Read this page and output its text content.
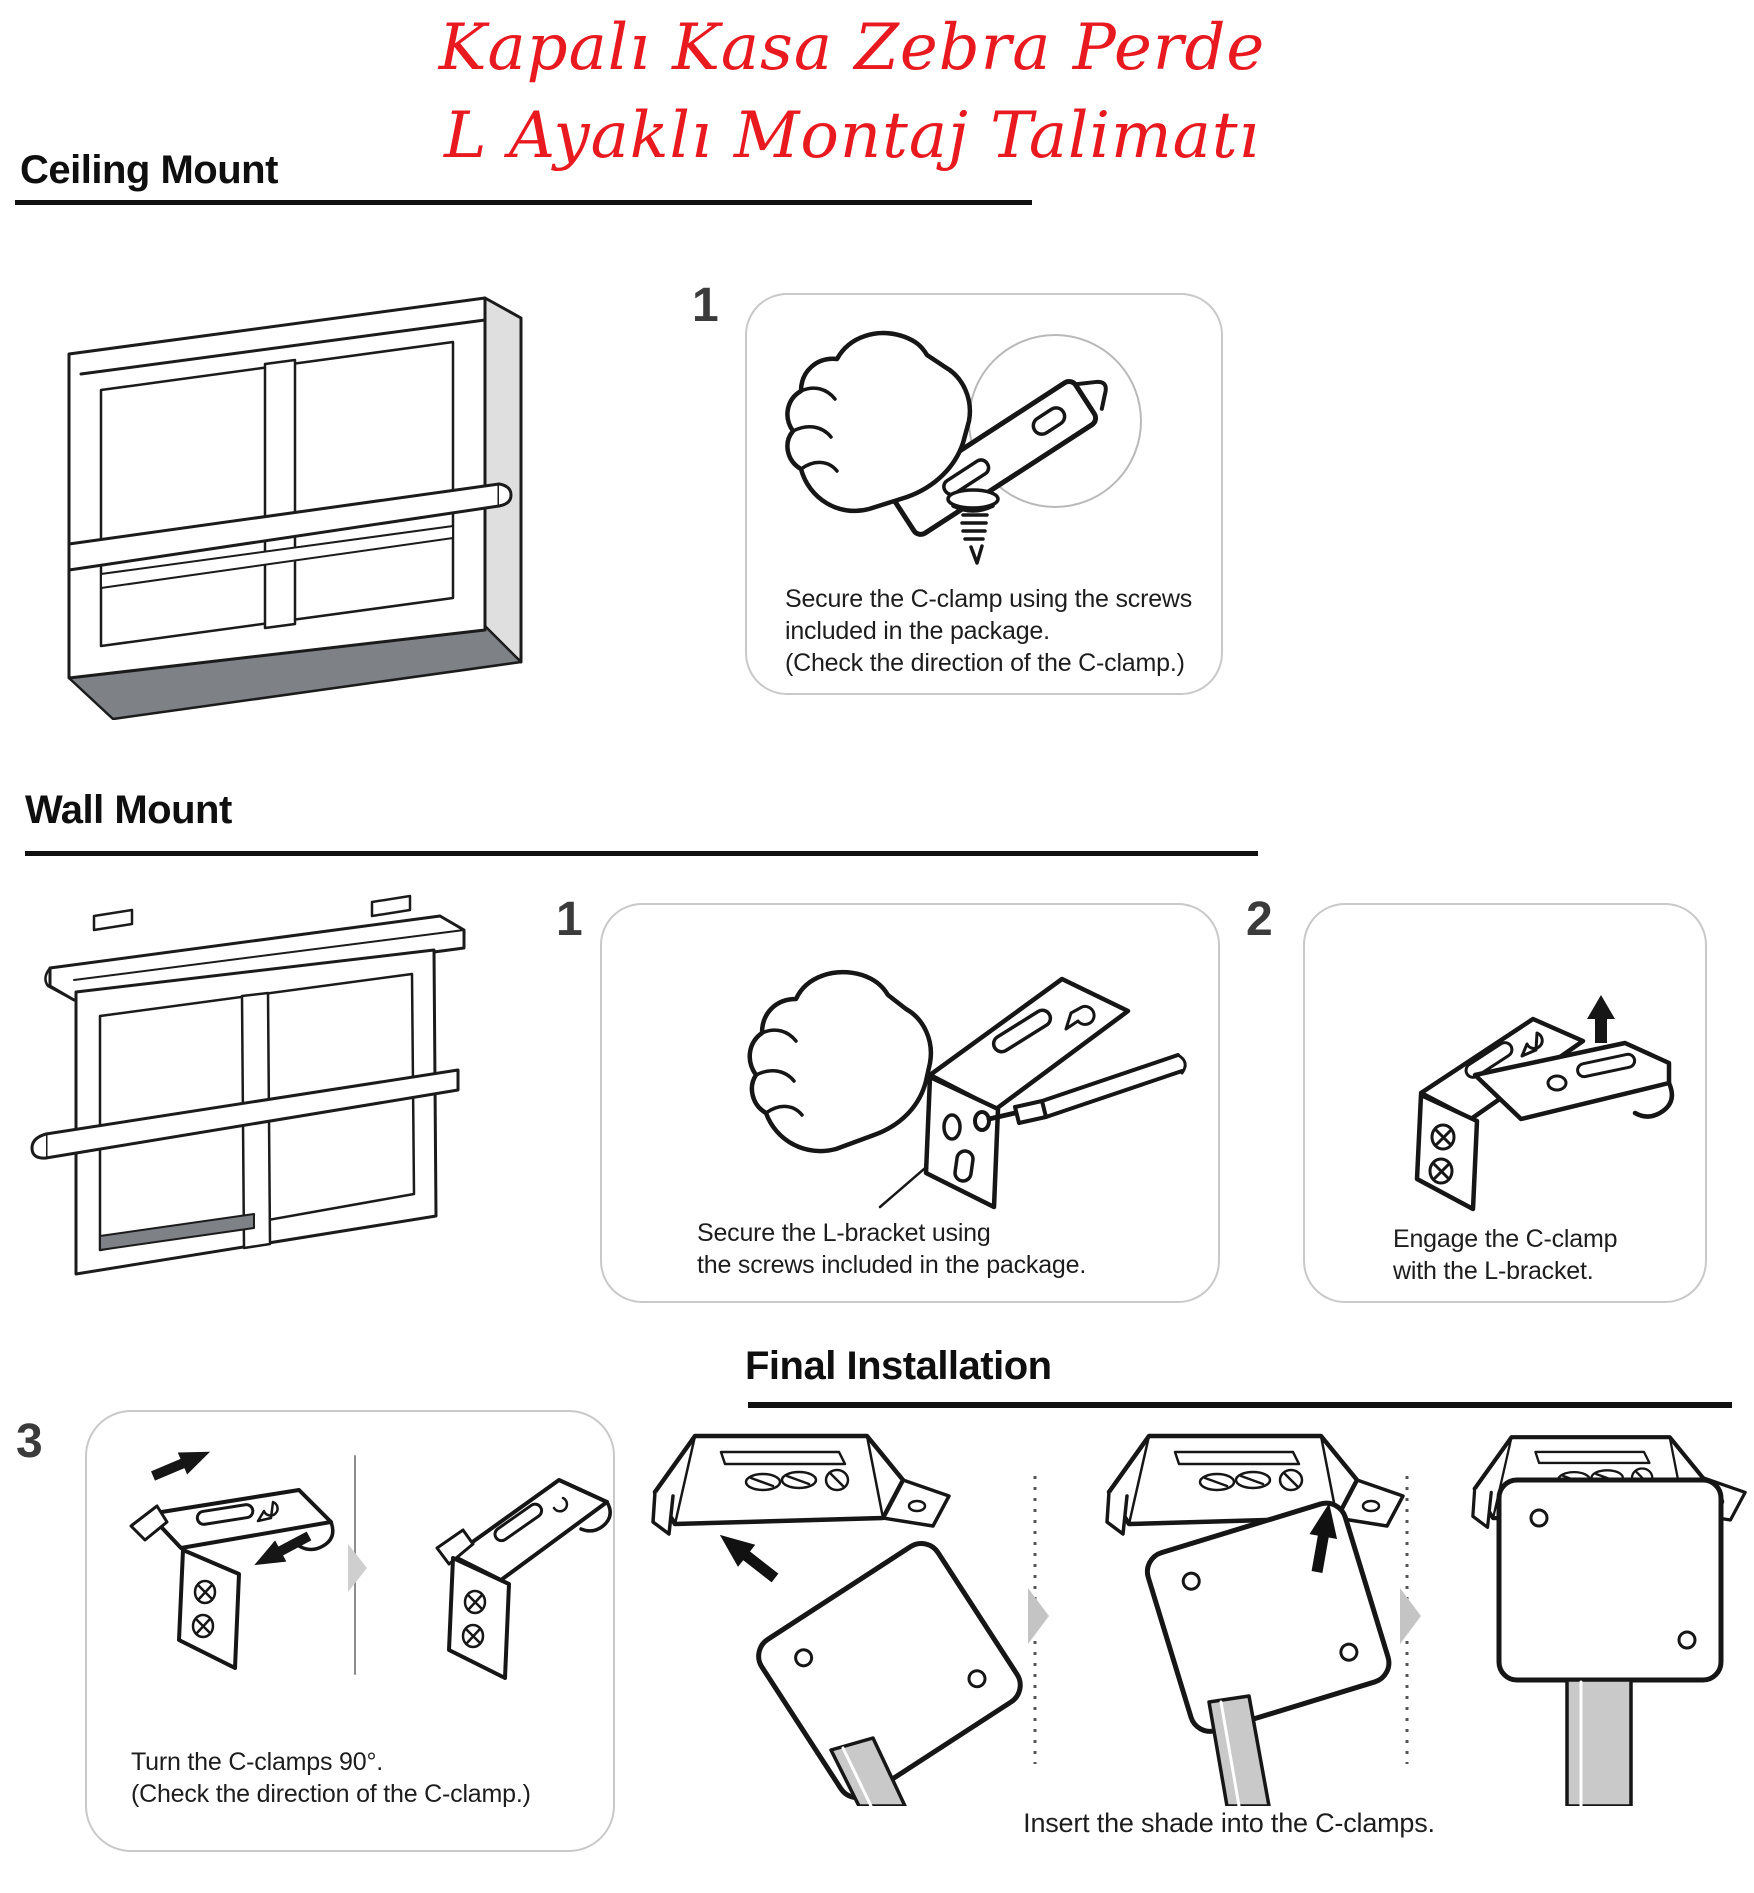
Kapalı Kasa Zebra Perde
L Ayaklı Montaj Talimatı
Ceiling Mount
1
Secure the C-clamp using the screws
included in the package.
(Check the direction of the C-clamp.)
Wall Mount
1
Secure the L-bracket using
the screws included in the package.
2
Engage the C-clamp
with the L-bracket.
Final Installation
3
Turn the C-clamps 90°.
(Check the direction of the C-clamp.)
Insert the shade into the C-clamps.
